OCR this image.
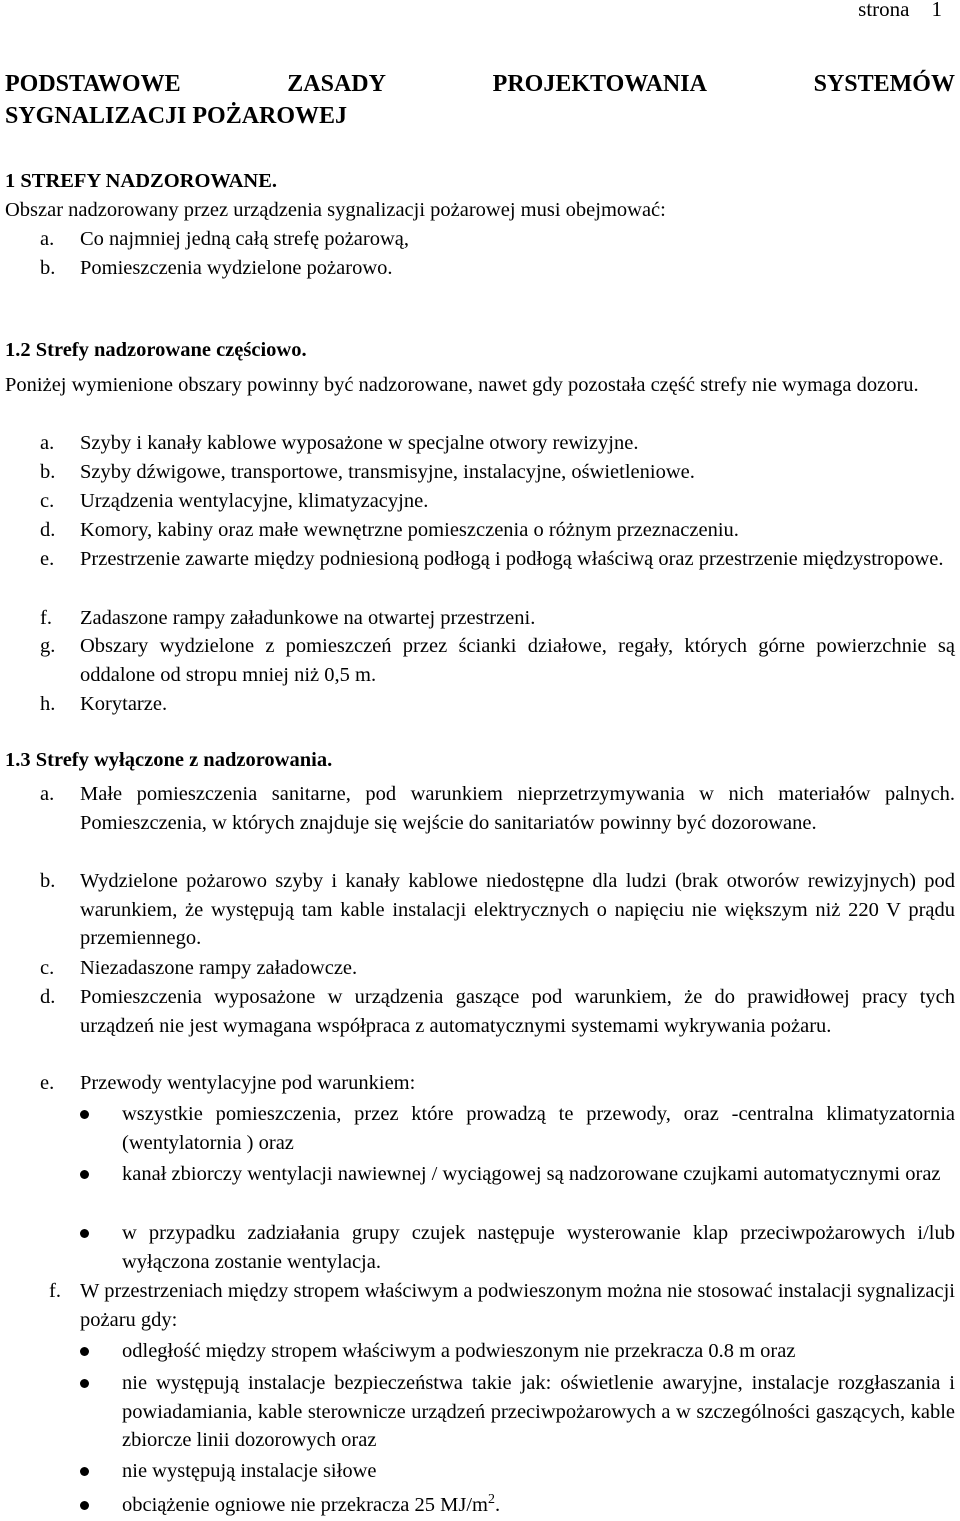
strona 1
PODSTAWOWE	ZASADY	PROJEKTOWANIA	SYSTEMÓW
SYGNALIZACJI POŻAROWEJ

1 STREFY NADZOROWANE.

Obszar nadzorowany przez urządzenia sygnalizacji pożarowej musi obejmować:

a.	Co najmniej jedną całą strefę pożarową,
b.	Pomieszczenia wydzielone pożarowo.

1.2 Strefy nadzorowane częściowo.

Poniżej wymienione obszary powinny być nadzorowane, nawet gdy pozostała część strefy nie wymaga dozoru.

a.	Szyby i kanały kablowe wyposażone w specjalne otwory rewizyjne.
b.	Szyby dźwigowe, transportowe, transmisyjne, instalacyjne, oświetleniowe.
c.	Urządzenia wentylacyjne, klimatyzacyjne.
d.	Komory, kabiny oraz małe wewnętrzne pomieszczenia o różnym przeznaczeniu.
e.	Przestrzenie zawarte między podniesioną podłogą i podłogą właściwą oraz przestrzenie międzystropowe.
f.	Zadaszone rampy załadunkowe na otwartej przestrzeni.
g.	Obszary wydzielone z pomieszczeń przez ścianki działowe, regały, których górne powierzchnie są oddalone od stropu mniej niż 0,5 m.
h.	Korytarze.

1.3 Strefy wyłączone z nadzorowania.

a.	Małe pomieszczenia sanitarne, pod warunkiem nieprzetrzymywania w nich materiałów palnych. Pomieszczenia, w których znajduje się wejście do sanitariatów powinny być dozorowane.
b.	Wydzielone pożarowo szyby i kanały kablowe niedostępne dla ludzi (brak otworów rewizyjnych) pod warunkiem, że występują tam kable instalacji elektrycznych o napięciu nie większym niż 220 V prądu przemiennego.
c.	Niezadaszone rampy załadowcze.
d.	Pomieszczenia wyposażone w urządzenia gaszące pod warunkiem, że do prawidłowej pracy tych urządzeń nie jest wymagana współpraca z automatycznymi systemami wykrywania pożaru.
e.	Przewody wentylacyjne pod warunkiem:
wszystkie pomieszczenia, przez które prowadzą te przewody, oraz -centralna klimatyzatornia (wentylatornia ) oraz
kanał zbiorczy wentylacji nawiewnej / wyciągowej są nadzorowane czujkami automatycznymi oraz
w przypadku zadziałania grupy czujek następuje wysterowanie klap przeciwpożarowych i/lub wyłączona zostanie wentylacja.
f. W przestrzeniach między stropem właściwym a podwieszonym można nie stosować instalacji sygnalizacji pożaru gdy:
odległość między stropem właściwym a podwieszonym nie przekracza 0.8 m oraz
nie występują instalacje bezpieczeństwa takie jak: oświetlenie awaryjne, instalacje rozgłaszania i powiadamiania, kable sterownicze urządzeń przeciwpożarowych a w szczególności gaszących, kable zbiorcze linii dozorowych oraz
nie występują instalacje siłowe
obciążenie ogniowe nie przekracza 25 $MJ/m^2$.
